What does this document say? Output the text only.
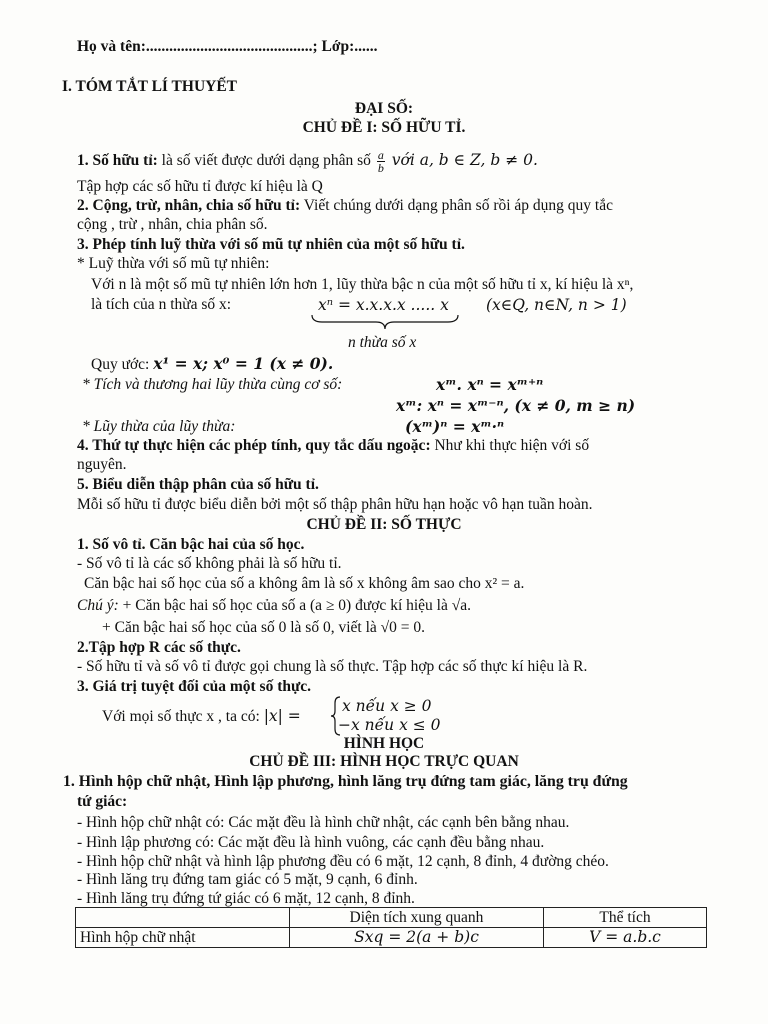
Họ và tên:...........................................; Lớp:......
I. TÓM TẮT LÍ THUYẾT
ĐẠI SỐ:
CHỦ ĐỀ I: SỐ HỮU TỈ.
1. Số hữu tỉ: là số viết được dưới dạng phân số $\frac{a}{b}$ với a, b ∈ Z, b ≠ 0.
Tập hợp các số hữu tỉ được kí hiệu là Q
2. Cộng, trừ, nhân, chia số hữu tỉ: Viết chúng dưới dạng phân số rồi áp dụng quy tắc
cộng , trừ , nhân, chia phân số.
3. Phép tính luỹ thừa với số mũ tự nhiên của một số hữu tỉ.
* Luỹ thừa với số mũ tự nhiên:
Với n là một số mũ tự nhiên lớn hơn 1, lũy thừa bậc n của một số hữu tỉ x, kí hiệu là xⁿ,
là tích của n thừa số x:	xⁿ = x.x.x.x ..... x (x∈Q, n∈N, n > 1)
n thừa số x
Quy ước: x¹ = x; x⁰ = 1 (x ≠ 0).
* Tích và thương hai lũy thừa cùng cơ số:	xᵐ. xⁿ = xᵐ⁺ⁿ
xᵐ: xⁿ = xᵐ⁻ⁿ, (x ≠ 0, m ≥ n)
* Lũy thừa của lũy thừa:	(xᵐ)ⁿ = xᵐ·ⁿ
4. Thứ tự thực hiện các phép tính, quy tắc dấu ngoặc: Như khi thực hiện với số
nguyên.
5. Biểu diễn thập phân của số hữu tỉ.
Mỗi số hữu tỉ được biểu diễn bởi một số thập phân hữu hạn hoặc vô hạn tuần hoàn.
CHỦ ĐỀ II: SỐ THỰC
1. Số vô tỉ. Căn bậc hai của số học.
- Số vô tỉ là các số không phải là số hữu tỉ.
Căn bậc hai số học của số a không âm là số x không âm sao cho x² = a.
Chú ý: + Căn bậc hai số học của số a (a ≥ 0) được kí hiệu là √a.
+ Căn bậc hai số học của số 0 là số 0, viết là √0 = 0.
2.Tập hợp R các số thực.
- Số hữu tỉ và số vô tỉ được gọi chung là số thực. Tập hợp các số thực kí hiệu là R.
3. Giá trị tuyệt đối của một số thực.
Với mọi số thực x , ta có: |x| =
x nếu x ≥ 0
−x nếu x ≤ 0
HÌNH HỌC
CHỦ ĐỀ III: HÌNH HỌC TRỰC QUAN
1. Hình hộp chữ nhật, Hình lập phương, hình lăng trụ đứng tam giác, lăng trụ đứng
tứ giác:
- Hình hộp chữ nhật có: Các mặt đều là hình chữ nhật, các cạnh bên bằng nhau.
- Hình lập phương có: Các mặt đều là hình vuông, các cạnh đều bằng nhau.
- Hình hộp chữ nhật và hình lập phương đều có 6 mặt, 12 cạnh, 8 đỉnh, 4 đường chéo.
- Hình lăng trụ đứng tam giác có 5 mặt, 9 cạnh, 6 đỉnh.
- Hình lăng trụ đứng tứ giác có 6 mặt, 12 cạnh, 8 đỉnh.
	Diện tích xung quanh	Thể tích
Hình hộp chữ nhật	Sxq = 2(a + b)c	V = a.b.c
